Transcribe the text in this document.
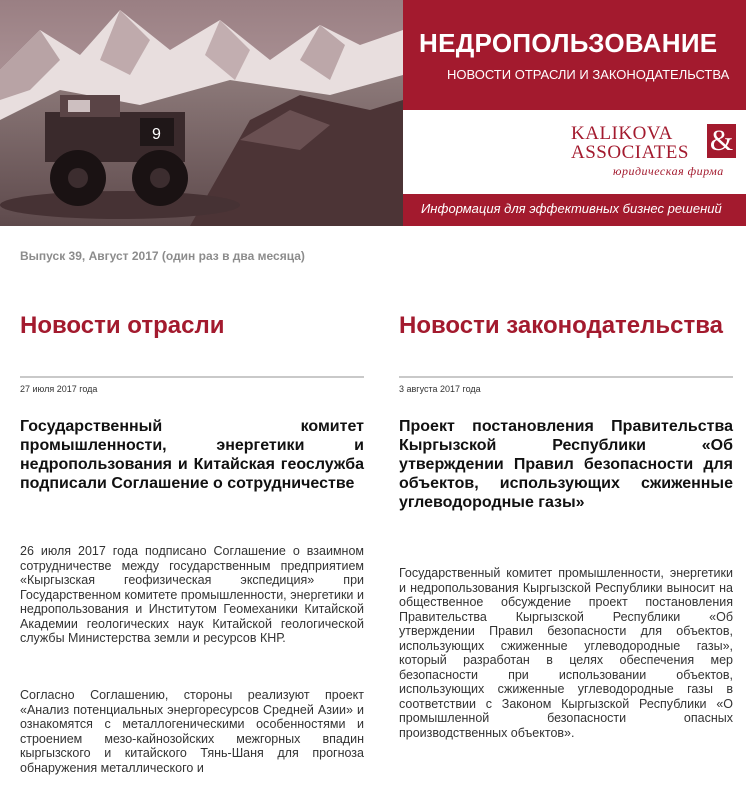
9
НЕДРОПОЛЬЗОВАНИЕ
НОВОСТИ ОТРАСЛИ И ЗАКОНОДАТЕЛЬСТВА
KALIKOVA
ASSOCIATES &
юридическая фирма
Информация для эффективных бизнес решений
Выпуск 39, Август 2017 (один раз в два месяца)
Новости отрасли
27 июля 2017 года
Государственный комитет промышленности, энергетики и недропользования и Китайская геослужба подписали Соглашение о сотрудничестве
26 июля 2017 года подписано Соглашение о взаимном сотрудничестве между государственным предприятием «Кыргызская геофизическая экспедиция» при Государственном комитете промышленности, энергетики и недропользования и Институтом Геомеханики Китайской Академии геологических наук Китайской геологической службы Министерства земли и ресурсов КНР.
Согласно Соглашению, стороны реализуют проект «Анализ потенциальных энергоресурсов Средней Азии» и ознакомятся с металлогеническими особенностями и строением мезо-кайнозойских межгорных впадин кыргызского и китайского Тянь-Шаня для прогноза обнаружения металлического и
Новости законодательства
3 августа 2017 года
Проект постановления Правительства Кыргызской Республики «Об утверждении Правил безопасности для объектов, использующих сжиженные углеводородные газы»
Государственный комитет промышленности, энергетики и недропользования Кыргызской Республики выносит на общественное обсуждение проект постановления Правительства Кыргызской Республики «Об утверждении Правил безопасности для объектов, использующих сжиженные углеводородные газы», который разработан в целях обеспечения мер безопасности при использовании объектов, использующих сжиженные углеводородные газы в соответствии с Законом Кыргызской Республики «О промышленной безопасности опасных производственных объектов».
